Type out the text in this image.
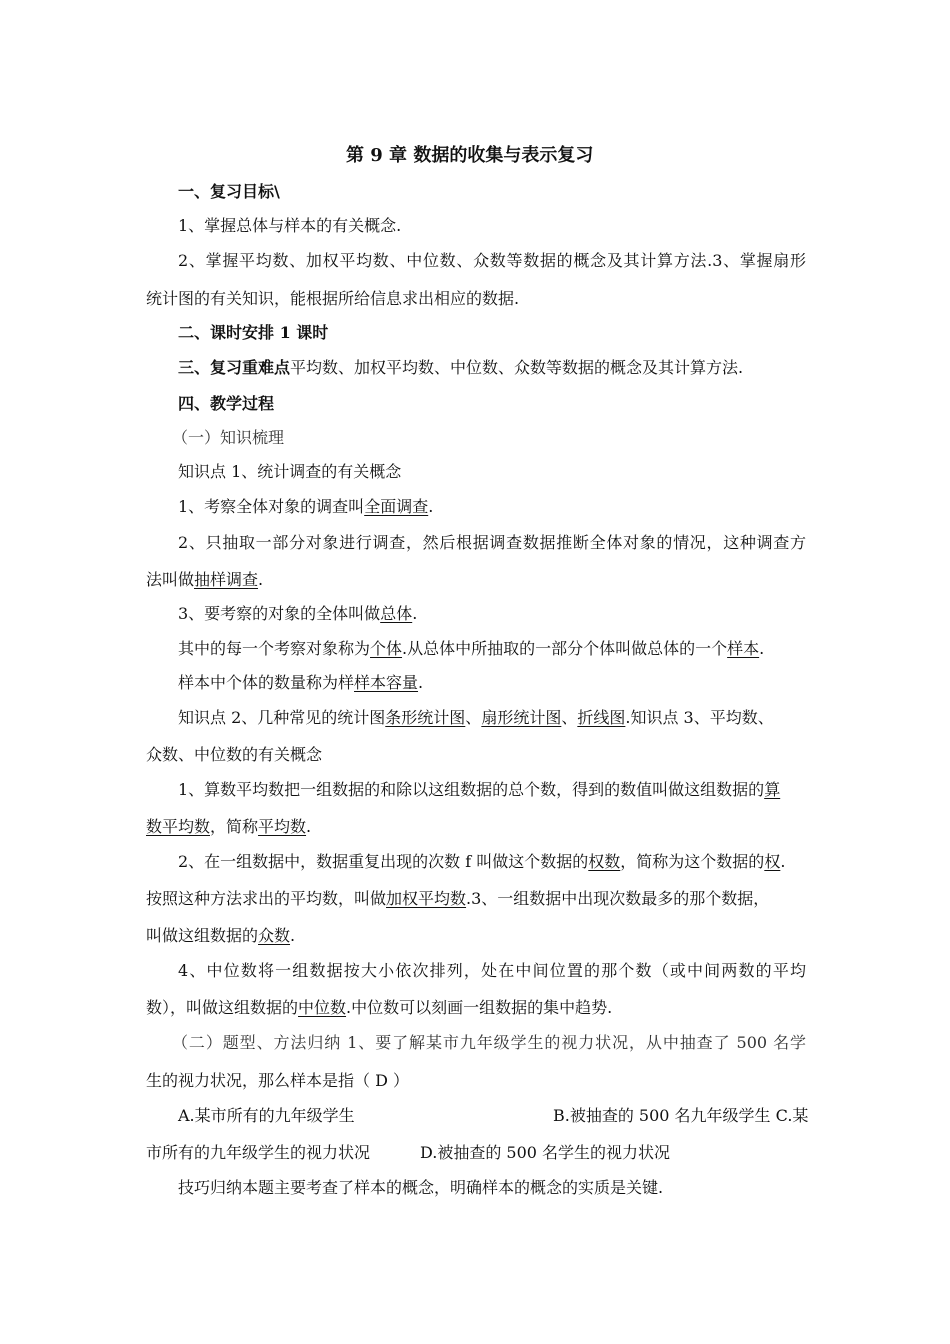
第 9 章 数据的收集与表示复习
一、复习目标\
1、掌握总体与样本的有关概念.
2、掌握平均数、加权平均数、中位数、众数等数据的概念及其计算方法.3、掌握扇形
统计图的有关知识，能根据所给信息求出相应的数据.
二、课时安排 1 课时
三、复习重难点平均数、加权平均数、中位数、众数等数据的概念及其计算方法.
四、教学过程
（一）知识梳理
知识点 1、统计调查的有关概念
1、考察全体对象的调查叫全面调查.
2、只抽取一部分对象进行调查，然后根据调查数据推断全体对象的情况，这种调查方
法叫做抽样调查.
3、要考察的对象的全体叫做总体.
其中的每一个考察对象称为个体.从总体中所抽取的一部分个体叫做总体的一个样本.
样本中个体的数量称为样样本容量.
知识点 2、几种常见的统计图条形统计图、扇形统计图、折线图.知识点 3、平均数、
众数、中位数的有关概念
1、算数平均数把一组数据的和除以这组数据的总个数，得到的数值叫做这组数据的算
数平均数，简称平均数.
2、在一组数据中，数据重复出现的次数 f 叫做这个数据的权数，简称为这个数据的权.
按照这种方法求出的平均数，叫做加权平均数.3、一组数据中出现次数最多的那个数据，
叫做这组数据的众数.
4、中位数将一组数据按大小依次排列，处在中间位置的那个数（或中间两数的平均
数），叫做这组数据的中位数.中位数可以刻画一组数据的集中趋势.
（二）题型、方法归纳 1、要了解某市九年级学生的视力状况，从中抽查了 500 名学
生的视力状况，那么样本是指（ D ）
A.某市所有的九年级学生	B.被抽查的 500 名九年级学生 C.某
市所有的九年级学生的视力状况	D.被抽查的 500 名学生的视力状况
技巧归纳本题主要考查了样本的概念，明确样本的概念的实质是关键.
